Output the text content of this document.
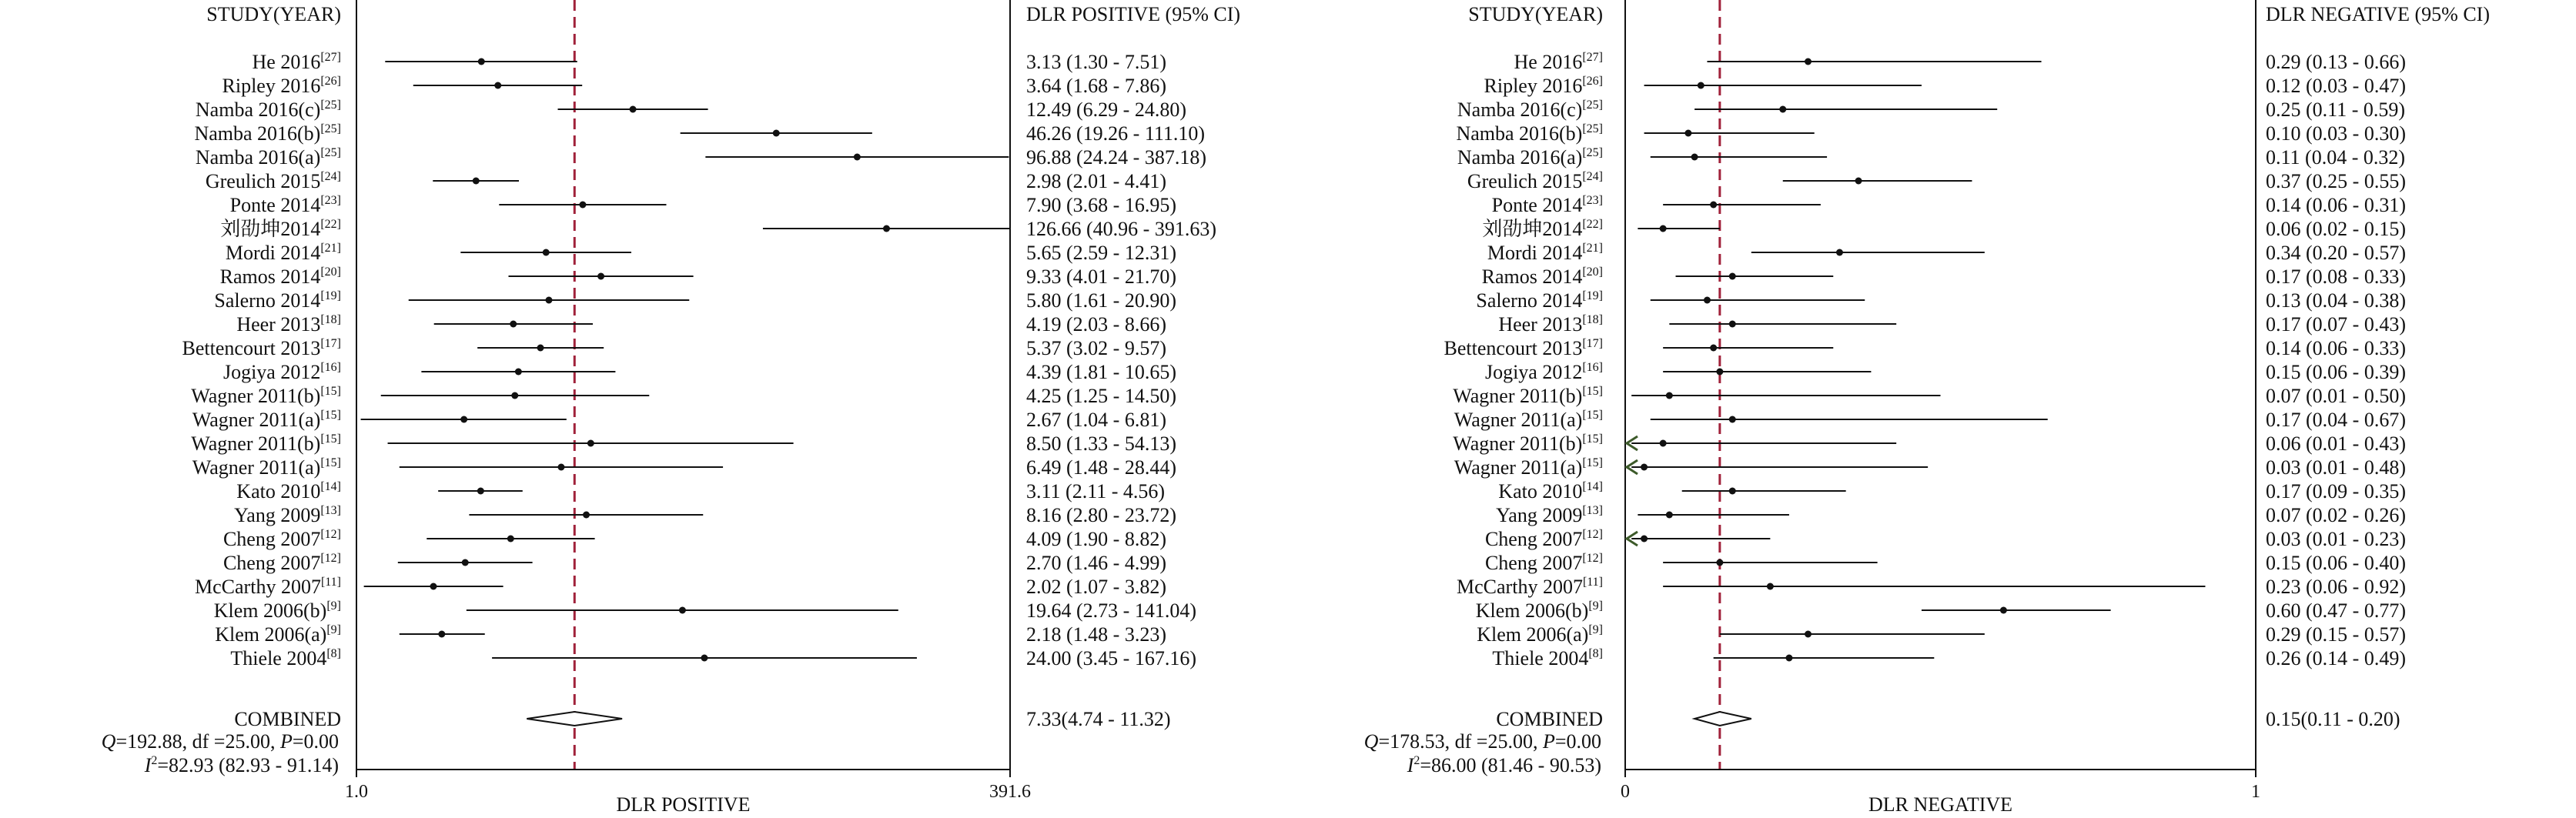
STUDY(YEAR)	DLR POSITIVE (95% CI)
He 2016[27]	3.13 (1.30 - 7.51)
Ripley 2016[26]	3.64 (1.68 - 7.86)
Namba 2016(c)[25]	12.49 (6.29 - 24.80)
Namba 2016(b)[25]	46.26 (19.26 - 111.10)
Namba 2016(a)[25]	96.88 (24.24 - 387.18)
Greulich 2015[24]	2.98 (2.01 - 4.41)
Ponte 2014[23]	7.90 (3.68 - 16.95)
刘劭坤2014[22]	126.66 (40.96 - 391.63)
Mordi 2014[21]	5.65 (2.59 - 12.31)
Ramos 2014[20]	9.33 (4.01 - 21.70)
Salerno 2014[19]	5.80 (1.61 - 20.90)
Heer 2013[18]	4.19 (2.03 - 8.66)
Bettencourt 2013[17]	5.37 (3.02 - 9.57)
Jogiya 2012[16]	4.39 (1.81 - 10.65)
Wagner 2011(b)[15]	4.25 (1.25 - 14.50)
Wagner 2011(a)[15]	2.67 (1.04 - 6.81)
Wagner 2011(b)[15]	8.50 (1.33 - 54.13)
Wagner 2011(a)[15]	6.49 (1.48 - 28.44)
Kato 2010[14]	3.11 (2.11 - 4.56)
Yang 2009[13]	8.16 (2.80 - 23.72)
Cheng 2007[12]	4.09 (1.90 - 8.82)
Cheng 2007[12]	2.70 (1.46 - 4.99)
McCarthy 2007[11]	2.02 (1.07 - 3.82)
Klem 2006(b)[9]	19.64 (2.73 - 141.04)
Klem 2006(a)[9]	2.18 (1.48 - 3.23)
Thiele 2004[8]	24.00 (3.45 - 167.16)
COMBINED	7.33(4.74 - 11.32)
Q=192.88, df =25.00, P=0.00
$I^2=82.93$ (82.93 - 91.14)
1.0	391.6
DLR POSITIVE
STUDY(YEAR)	DLR NEGATIVE (95% CI)
He 2016[27]	0.29 (0.13 - 0.66)
Ripley 2016[26]	0.12 (0.03 - 0.47)
Namba 2016(c)[25]	0.25 (0.11 - 0.59)
Namba 2016(b)[25]	0.10 (0.03 - 0.30)
Namba 2016(a)[25]	0.11 (0.04 - 0.32)
Greulich 2015[24]	0.37 (0.25 - 0.55)
Ponte 2014[23]	0.14 (0.06 - 0.31)
刘劭坤2014[22]	0.06 (0.02 - 0.15)
Mordi 2014[21]	0.34 (0.20 - 0.57)
Ramos 2014[20]	0.17 (0.08 - 0.33)
Salerno 2014[19]	0.13 (0.04 - 0.38)
Heer 2013[18]	0.17 (0.07 - 0.43)
Bettencourt 2013[17]	0.14 (0.06 - 0.33)
Jogiya 2012[16]	0.15 (0.06 - 0.39)
Wagner 2011(b)[15]	0.07 (0.01 - 0.50)
Wagner 2011(a)[15]	0.17 (0.04 - 0.67)
Wagner 2011(b)[15]	0.06 (0.01 - 0.43)
Wagner 2011(a)[15]	0.03 (0.01 - 0.48)
Kato 2010[14]	0.17 (0.09 - 0.35)
Yang 2009[13]	0.07 (0.02 - 0.26)
Cheng 2007[12]	0.03 (0.01 - 0.23)
Cheng 2007[12]	0.15 (0.06 - 0.40)
McCarthy 2007[11]	0.23 (0.06 - 0.92)
Klem 2006(b)[9]	0.60 (0.47 - 0.77)
Klem 2006(a)[9]	0.29 (0.15 - 0.57)
Thiele 2004[8]	0.26 (0.14 - 0.49)
COMBINED	0.15(0.11 - 0.20)
Q=178.53, df =25.00, P=0.00
$I^2=86.00$ (81.46 - 90.53)
0	1
DLR NEGATIVE
